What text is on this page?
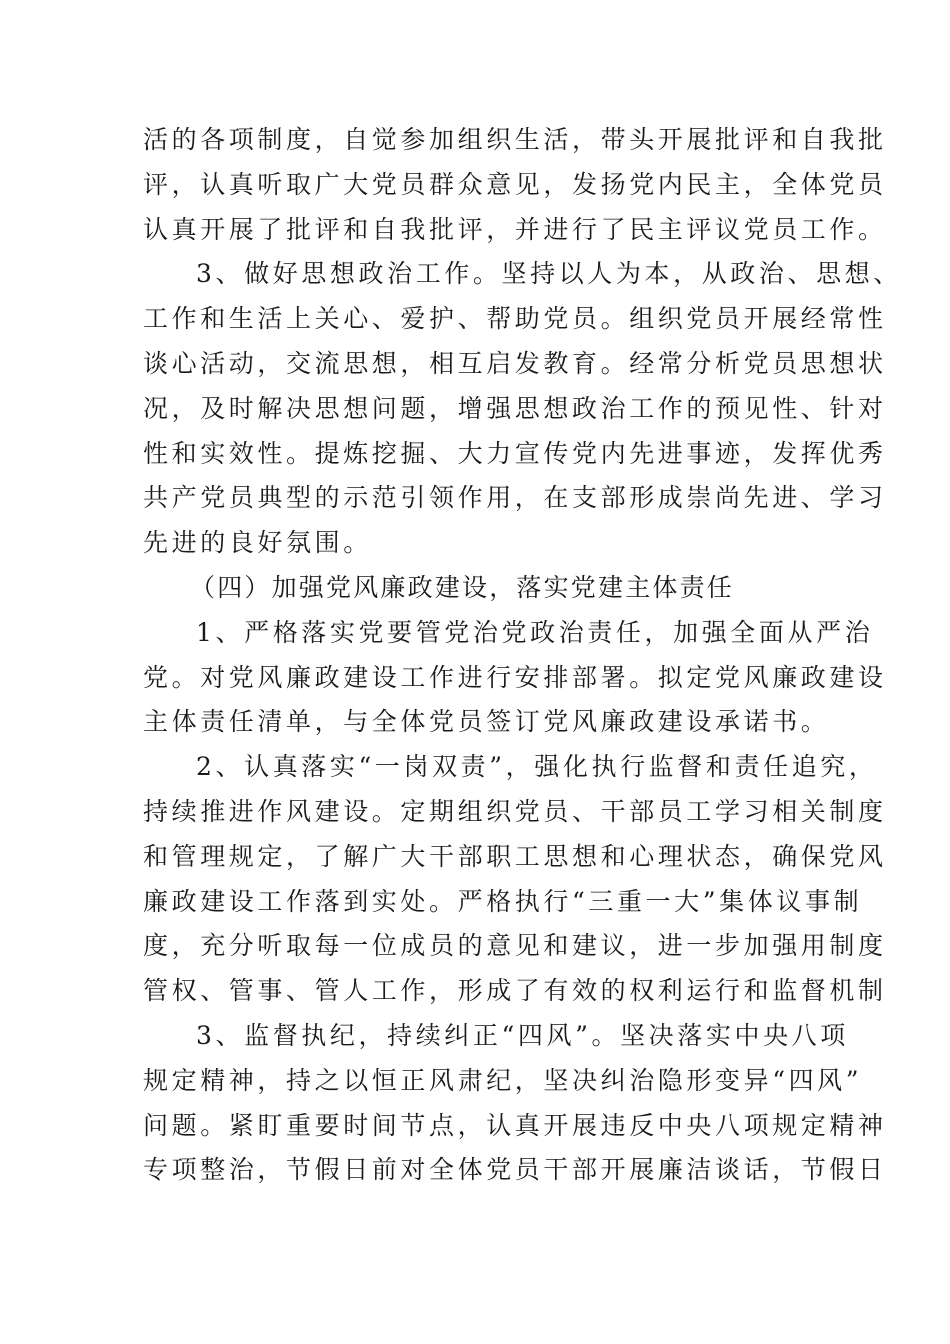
活的各项制度，自觉参加组织生活，带头开展批评和自我批
评，认真听取广大党员群众意见，发扬党内民主，全体党员
认真开展了批评和自我批评，并进行了民主评议党员工作。
3、做好思想政治工作。坚持以人为本，从政治、思想、
工作和生活上关心、爱护、帮助党员。组织党员开展经常性
谈心活动，交流思想，相互启发教育。经常分析党员思想状
况，及时解决思想问题，增强思想政治工作的预见性、针对
性和实效性。提炼挖掘、大力宣传党内先进事迹，发挥优秀
共产党员典型的示范引领作用，在支部形成崇尚先进、学习
先进的良好氛围。
（四）加强党风廉政建设，落实党建主体责任
1、严格落实党要管党治党政治责任，加强全面从严治
党。对党风廉政建设工作进行安排部署。拟定党风廉政建设
主体责任清单，与全体党员签订党风廉政建设承诺书。
2、认真落实“一岗双责”，强化执行监督和责任追究，
持续推进作风建设。定期组织党员、干部员工学习相关制度
和管理规定，了解广大干部职工思想和心理状态，确保党风
廉政建设工作落到实处。严格执行“三重一大”集体议事制
度，充分听取每一位成员的意见和建议，进一步加强用制度
管权、管事、管人工作，形成了有效的权利运行和监督机制
3、监督执纪，持续纠正“四风”。坚决落实中央八项
规定精神，持之以恒正风肃纪，坚决纠治隐形变异“四风”
问题。紧盯重要时间节点，认真开展违反中央八项规定精神
专项整治，节假日前对全体党员干部开展廉洁谈话，节假日
